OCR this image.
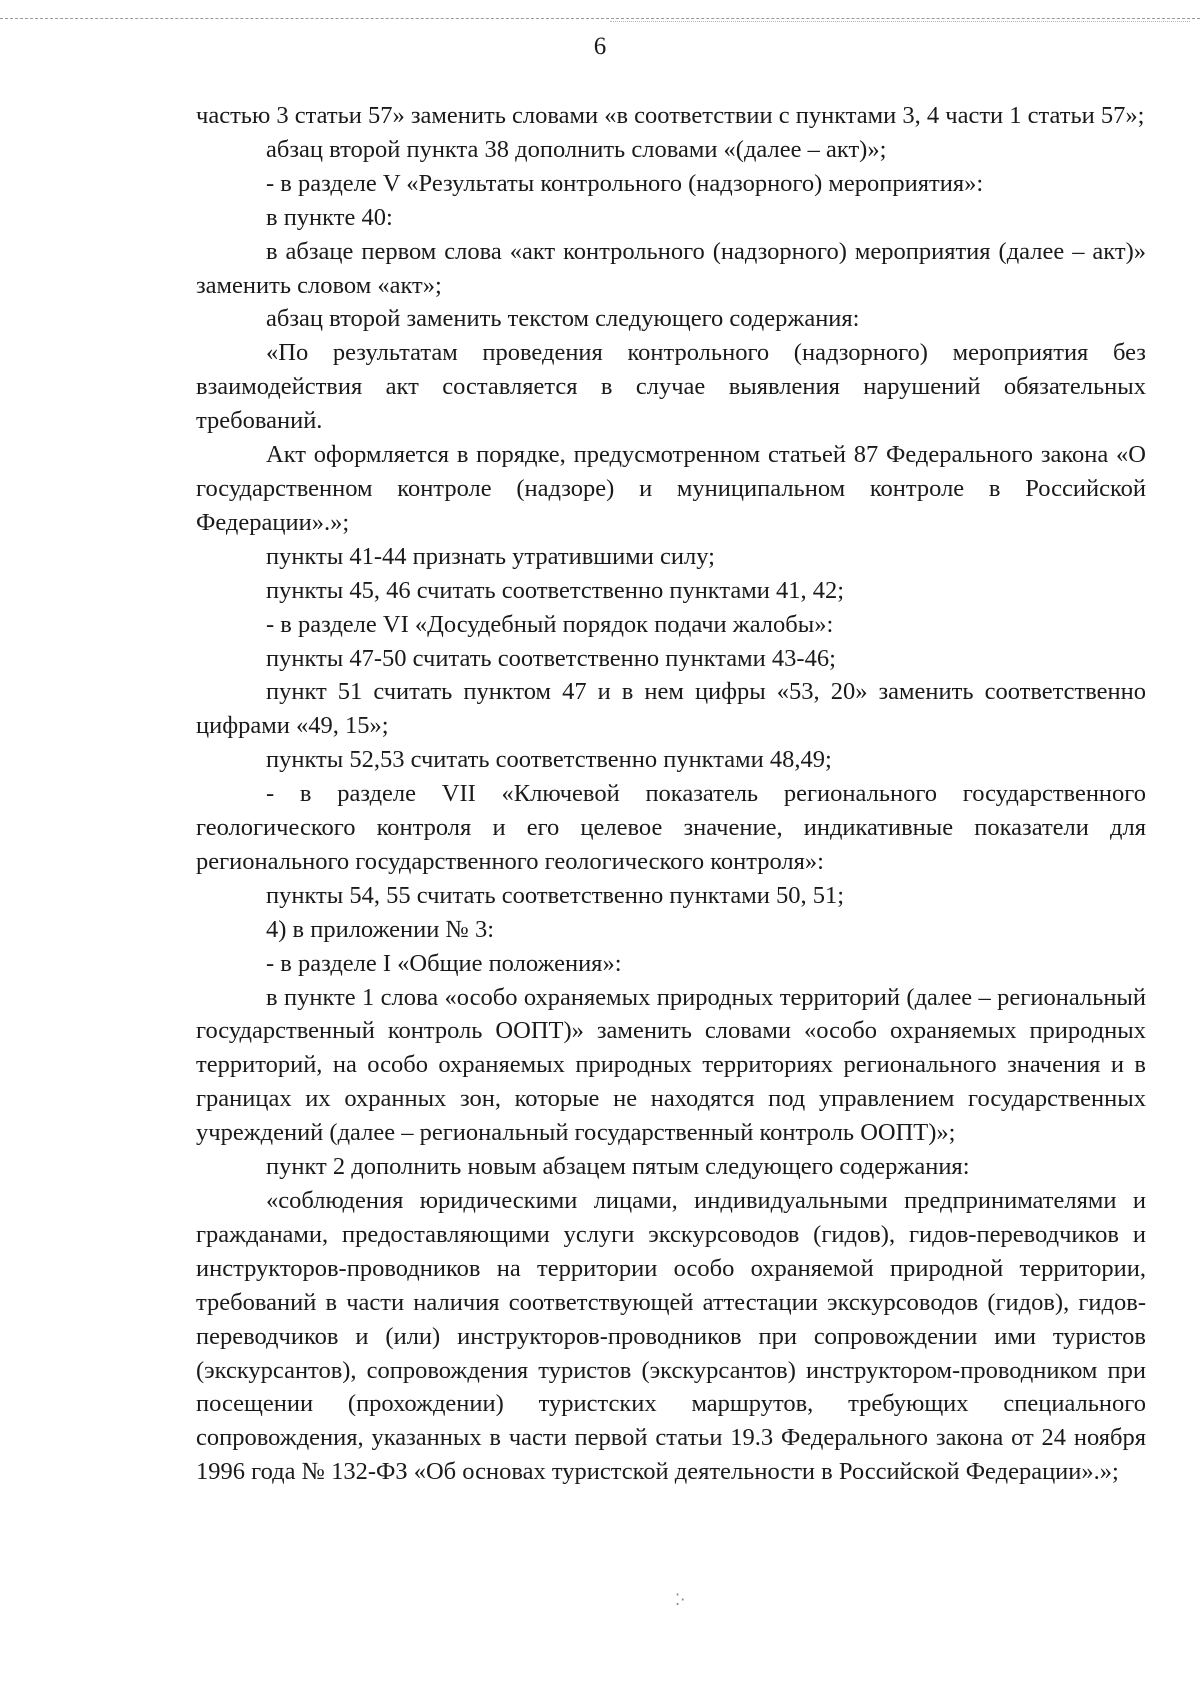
6

частью 3 статьи 57» заменить словами «в соответствии с пунктами 3, 4 части 1 статьи 57»;

абзац второй пункта 38 дополнить словами «(далее – акт)»;

- в разделе V «Результаты контрольного (надзорного) мероприятия»:

в пункте 40:

в абзаце первом слова «акт контрольного (надзорного) мероприятия (далее – акт)» заменить словом «акт»;

абзац второй заменить текстом следующего содержания:

«По результатам проведения контрольного (надзорного) мероприятия без взаимодействия акт составляется в случае выявления нарушений обязательных требований.

Акт оформляется в порядке, предусмотренном статьей 87 Федерального закона «О государственном контроле (надзоре) и муниципальном контроле в Российской Федерации».»;

пункты 41-44 признать утратившими силу;

пункты 45, 46 считать соответственно пунктами 41, 42;

- в разделе VI «Досудебный порядок подачи жалобы»:

пункты 47-50 считать соответственно пунктами 43-46;

пункт 51 считать пунктом 47 и в нем цифры «53, 20» заменить соответственно цифрами «49, 15»;

пункты 52,53 считать соответственно пунктами 48,49;

- в разделе VII «Ключевой показатель регионального государственного геологического контроля и его целевое значение, индикативные показатели для регионального государственного геологического контроля»:

пункты 54, 55 считать соответственно пунктами 50, 51;

4) в приложении № 3:

- в разделе I «Общие положения»:

в пункте 1 слова «особо охраняемых природных территорий (далее – региональный государственный контроль ООПТ)» заменить словами «особо охраняемых природных территорий, на особо охраняемых природных территориях регионального значения и в границах их охранных зон, которые не находятся под управлением государственных учреждений (далее – региональный государственный контроль ООПТ)»;

пункт 2 дополнить новым абзацем пятым следующего содержания:

«соблюдения юридическими лицами, индивидуальными предпринимателями и гражданами, предоставляющими услуги экскурсоводов (гидов), гидов-переводчиков и инструкторов-проводников на территории особо охраняемой природной территории, требований в части наличия соответствующей аттестации экскурсоводов (гидов), гидов-переводчиков и (или) инструкторов-проводников при сопровождении ими туристов (экскурсантов), сопровождения туристов (экскурсантов) инструктором-проводником при посещении (прохождении) туристских маршрутов, требующих специального сопровождения, указанных в части первой статьи 19.3 Федерального закона от 24 ноября 1996 года № 132-ФЗ «Об основах туристской деятельности в Российской Федерации».»;

⁚·
